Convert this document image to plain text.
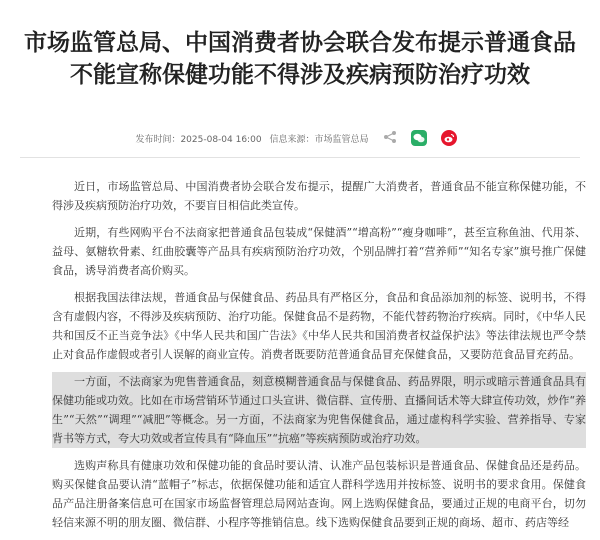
市场监管总局、中国消费者协会联合发布提示普通食品不能宣称保健功能不得涉及疾病预防治疗功效
发布时间：2025-08-04 16:00 信息来源：市场监管总局

近日，市场监管总局、中国消费者协会联合发布提示，提醒广大消费者，普通食品不能宣称保健功能，不得涉及疾病预防治疗功效，不要盲目相信此类宣传。

近期，有些网购平台不法商家把普通食品包装成“保健酒”“增高粉”“瘦身咖啡”，甚至宣称鱼油、代用茶、益母、氨糖软骨素、红曲胶囊等产品具有疾病预防治疗功效，个别品牌打着“营养师”“知名专家”旗号推广保健食品，诱导消费者高价购买。

根据我国法律法规，普通食品与保健食品、药品具有严格区分，食品和食品添加剂的标签、说明书，不得含有虚假内容，不得涉及疾病预防、治疗功能。保健食品不是药物，不能代替药物治疗疾病。同时，《中华人民共和国反不正当竞争法》《中华人民共和国广告法》《中华人民共和国消费者权益保护法》等法律法规也严令禁止对食品作虚假或者引人误解的商业宣传。消费者既要防范普通食品冒充保健食品，又要防范食品冒充药品。

一方面，不法商家为兜售普通食品，刻意模糊普通食品与保健食品、药品界限，明示或暗示普通食品具有保健功能或功效。比如在市场营销环节通过口头宣讲、微信群、宣传册、直播间话术等大肆宣传功效，炒作“养生”“天然”“调理”“减肥”等概念。另一方面，不法商家为兜售保健食品，通过虚构科学实验、营养指导、专家背书等方式，夸大功效或者宣传具有“降血压”“抗癌”等疾病预防或治疗功效。

选购声称具有健康功效和保健功能的食品时要认清、认准产品包装标识是普通食品、保健食品还是药品。购买保健食品要认清“蓝帽子”标志，依据保健功能和适宜人群科学选用并按标签、说明书的要求食用。保健食品产品注册备案信息可在国家市场监督管理总局网站查询。网上选购保健食品，要通过正规的电商平台，切勿轻信来源不明的朋友圈、微信群、小程序等推销信息。线下选购保健食品要到正规的商场、超市、药店等经
